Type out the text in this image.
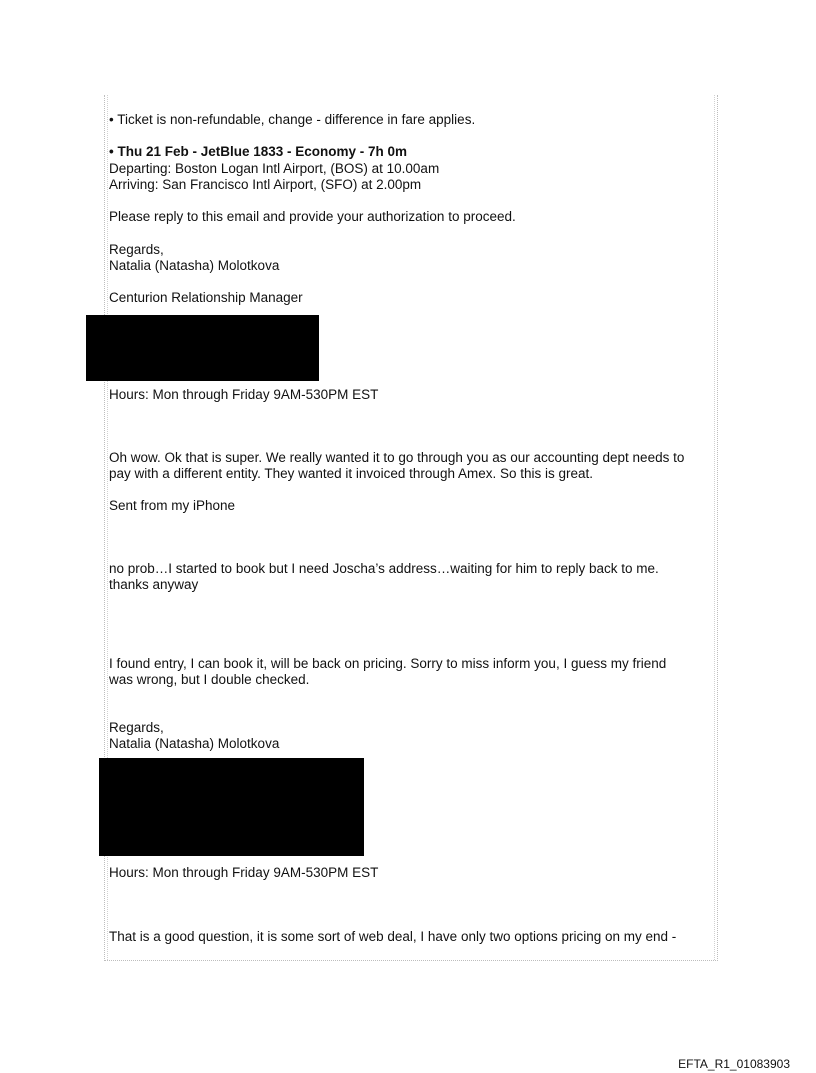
• Ticket is non-refundable, change - difference in fare applies.
• Thu 21 Feb - JetBlue 1833 - Economy - 7h 0m
Departing: Boston Logan Intl Airport, (BOS) at 10.00am
Arriving: San Francisco Intl Airport, (SFO) at 2.00pm
Please reply to this email and provide your authorization to proceed.
Regards,
Natalia (Natasha) Molotkova
Centurion Relationship Manager
Hours: Mon through Friday 9AM-530PM EST
Oh wow. Ok that is super. We really wanted it to go through you as our accounting dept needs to
pay with a different entity. They wanted it invoiced through Amex. So this is great.
Sent from my iPhone
no prob…I started to book but I need Joscha’s address…waiting for him to reply back to me.
thanks anyway
I found entry, I can book it, will be back on pricing. Sorry to miss inform you, I guess my friend
was wrong, but I double checked.
Regards,
Natalia (Natasha) Molotkova
Hours: Mon through Friday 9AM-530PM EST
That is a good question, it is some sort of web deal, I have only two options pricing on my end -
EFTA_R1_01083903
